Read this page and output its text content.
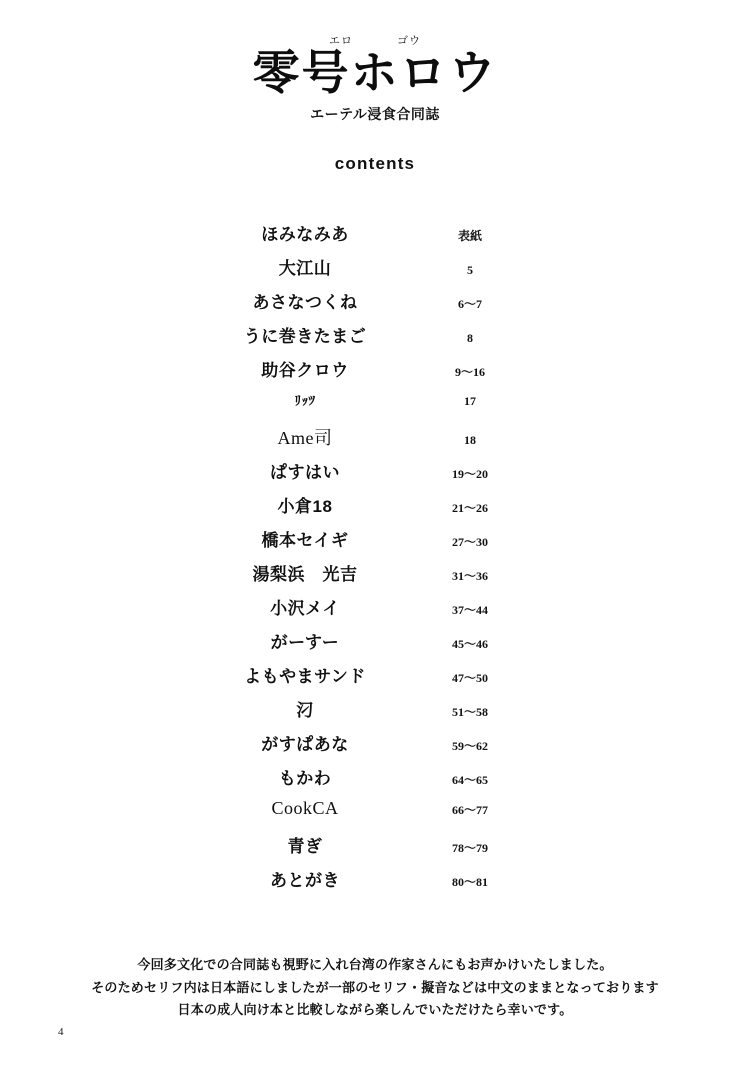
エロ	ゴウ
零号ホロウ
エーテル浸食合同誌
contents
ほみなみあ	表紙
大江山	5
あさなつくね	6〜7
うに巻きたまご	8
助谷クロウ	9〜16
ﾘｯﾂ	17
Ame司	18
ぱすはい	19〜20
小倉18	21〜26
橋本セイギ	27〜30
湯梨浜　光吉	31〜36
小沢メイ	37〜44
がーすー	45〜46
よもやまサンド	47〜50
汈	51〜58
がすぱあな	59〜62
もかわ	64〜65
CookCA	66〜77
青ぎ	78〜79
あとがき	80〜81
今回多文化での合同誌も視野に入れ台湾の作家さんにもお声かけいたしました。
そのためセリフ内は日本語にしましたが一部のセリフ・擬音などは中文のままとなっております
日本の成人向け本と比較しながら楽しんでいただけたら幸いです。
4
